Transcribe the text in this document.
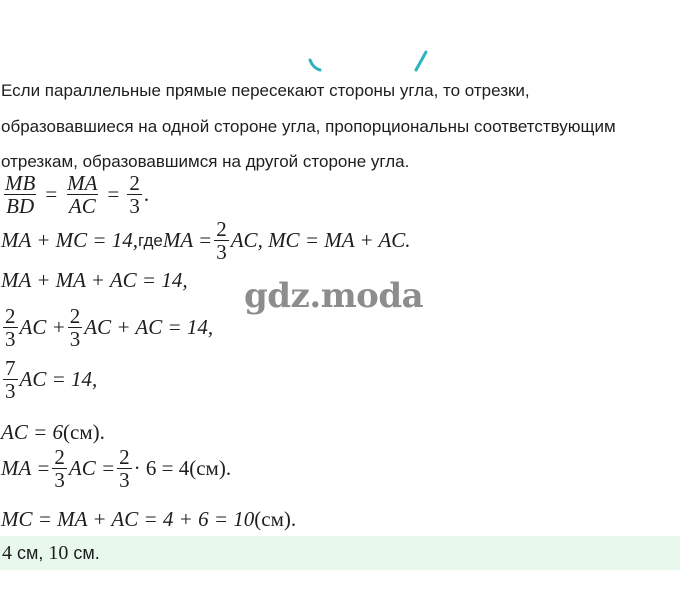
Если параллельные прямые пересекают стороны угла, то отрезки,
образовавшиеся на одной стороне угла, пропорциональны соответствующим
отрезкам, образовавшимся на другой стороне угла.
$\frac{MB}{BD} = \frac{MA}{AC} = \frac{2}{3}$ .
MA + MC = 14, где MA = $\frac{2}{3}$ AC, MC = MA + AC.
MA + MA + AC = 14,
$\frac{2}{3}$ AC + $\frac{2}{3}$ AC + AC = 14,
$\frac{7}{3}$ AC = 14,
AC = 6 (см).
MA = $\frac{2}{3}$ AC = $\frac{2}{3} \cdot 6 = 4$ (см).
MC = MA + AC = 4 + 6 = 10 (см).
gdz.moda
4 см, 10 см.
